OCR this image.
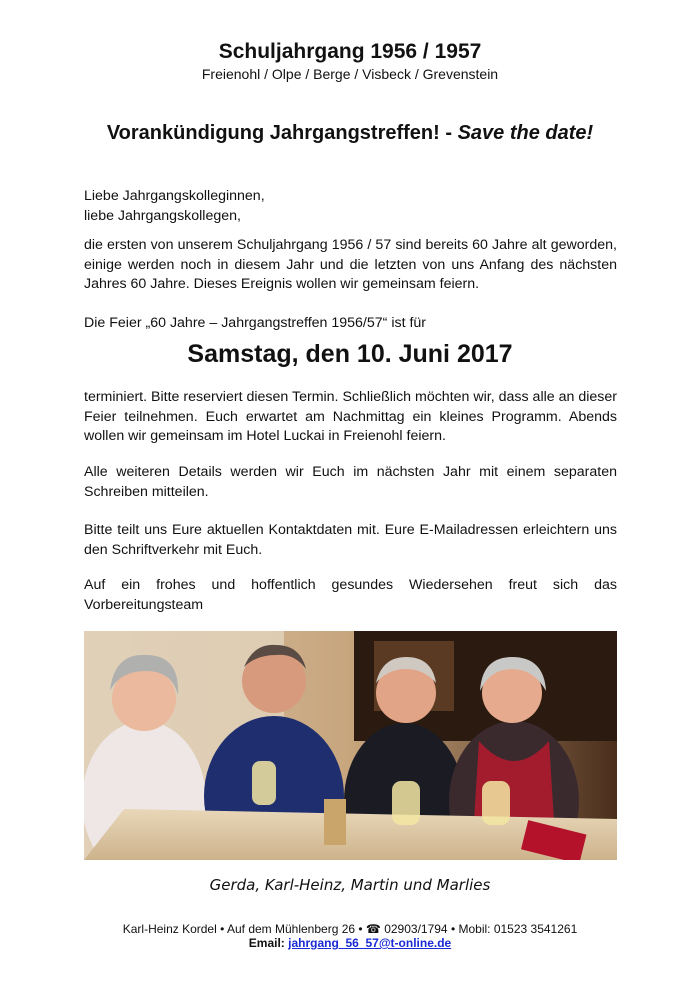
Schuljahrgang 1956 / 1957
Freienohl / Olpe / Berge / Visbeck / Grevenstein
Vorankündigung Jahrgangstreffen! - Save the date!
Liebe Jahrgangskolleginnen,
liebe Jahrgangskollegen,
die ersten von unserem Schuljahrgang 1956 / 57 sind bereits 60 Jahre alt geworden, einige werden noch in diesem Jahr und die letzten von uns Anfang des nächsten Jahres 60 Jahre. Dieses Ereignis wollen wir gemeinsam feiern.
Die Feier „60 Jahre – Jahrgangstreffen 1956/57“ ist für
Samstag, den 10. Juni 2017
terminiert. Bitte reserviert diesen Termin. Schließlich möchten wir, dass alle an dieser Feier teilnehmen. Euch erwartet am Nachmittag ein kleines Programm. Abends wollen wir gemeinsam im Hotel Luckai in Freienohl feiern.
Alle weiteren Details werden wir Euch im nächsten Jahr mit einem separaten Schreiben mitteilen.
Bitte teilt uns Eure aktuellen Kontaktdaten mit. Eure E-Mailadressen erleichtern uns den Schriftverkehr mit Euch.
Auf ein frohes und hoffentlich gesundes Wiedersehen freut sich das Vorbereitungsteam
Gerda, Karl-Heinz, Martin und Marlies
Karl-Heinz Kordel • Auf dem Mühlenberg 26 • ☎ 02903/1794 • Mobil: 01523 3541261
Email: jahrgang_56_57@t-online.de
